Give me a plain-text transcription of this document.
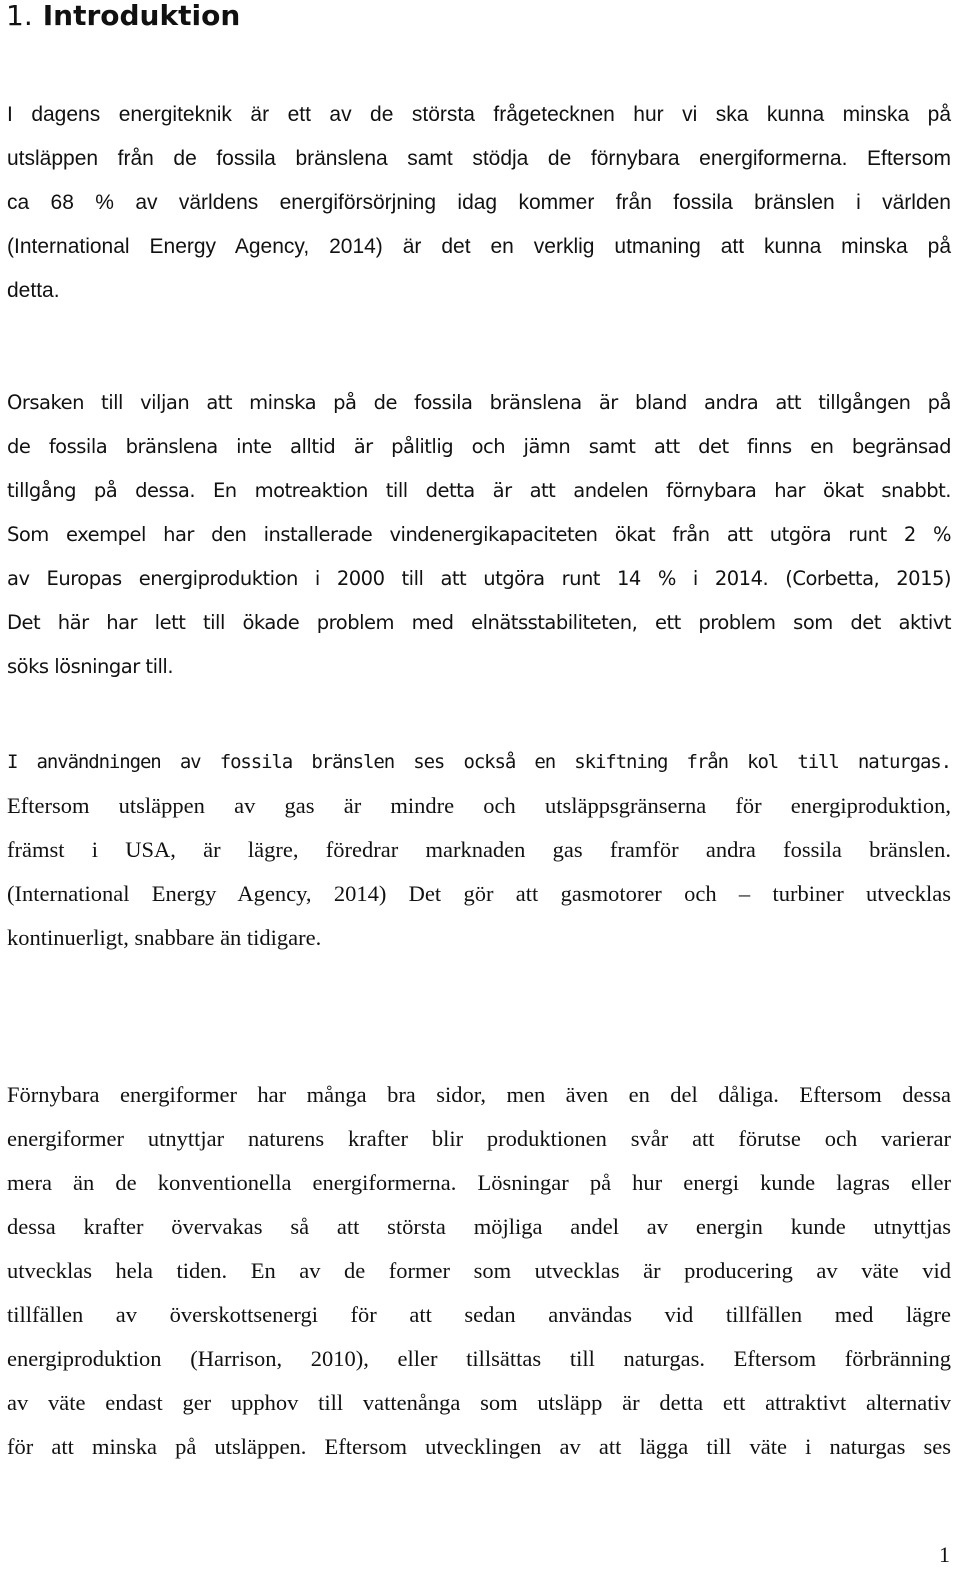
1. Introduktion

I dagens energiteknik är ett av de största frågetecknen hur vi ska kunna minska på
utsläppen från de fossila bränslena samt stödja de förnybara energiformerna. Eftersom
ca 68 % av världens energiförsörjning idag kommer från fossila bränslen i världen
(International Energy Agency, 2014) är det en verklig utmaning att kunna minska på
detta.

Orsaken till viljan att minska på de fossila bränslena är bland andra att tillgången på
de fossila bränslena inte alltid är pålitlig och jämn samt att det finns en begränsad
tillgång på dessa. En motreaktion till detta är att andelen förnybara har ökat snabbt.
Som exempel har den installerade vindenergikapaciteten ökat från att utgöra runt 2 %
av Europas energiproduktion i 2000 till att utgöra runt 14 % i 2014. (Corbetta, 2015)
Det här har lett till ökade problem med elnätsstabiliteten, ett problem som det aktivt
söks lösningar till.

I användningen av fossila bränslen ses också en skiftning från kol till naturgas.

Eftersom utsläppen av gas är mindre och utsläppsgränserna för energiproduktion,
främst i USA, är lägre, föredrar marknaden gas framför andra fossila bränslen.
(International Energy Agency, 2014) Det gör att gasmotorer och – turbiner utvecklas
kontinuerligt, snabbare än tidigare.

Förnybara energiformer har många bra sidor, men även en del dåliga. Eftersom dessa
energiformer utnyttjar naturens krafter blir produktionen svår att förutse och varierar
mera än de konventionella energiformerna. Lösningar på hur energi kunde lagras eller
dessa krafter övervakas så att största möjliga andel av energin kunde utnyttjas
utvecklas hela tiden. En av de former som utvecklas är producering av väte vid
tillfällen av överskottsenergi för att sedan användas vid tillfällen med lägre
energiproduktion (Harrison, 2010), eller tillsättas till naturgas. Eftersom förbränning
av väte endast ger upphov till vattenånga som utsläpp är detta ett attraktivt alternativ
för att minska på utsläppen. Eftersom utvecklingen av att lägga till väte i naturgas ses

1
